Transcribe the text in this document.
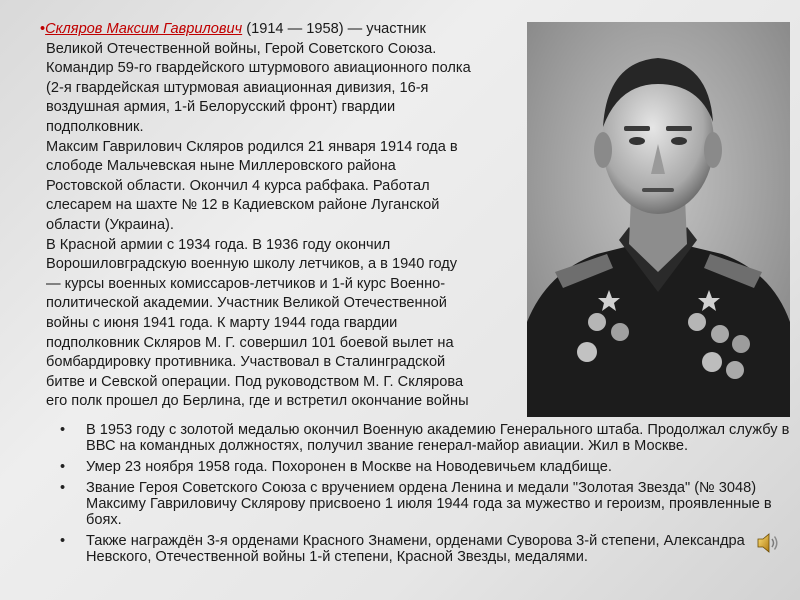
•Скляров Максим Гаврилович (1914 — 1958) — участник

Великой Отечественной войны, Герой Советского Союза.

Командир 59-го гвардейского штурмового авиационного полка

(2-я гвардейская штурмовая авиационная дивизия, 16-я

воздушная армия, 1-й Белорусский фронт) гвардии

подполковник.

Максим Гаврилович Скляров родился 21 января 1914 года в

слободе Мальчевская ныне Миллеровского района

Ростовской области. Окончил 4 курса рабфака. Работал

слесарем на шахте № 12 в Кадиевском районе Луганской

области (Украина).

В Красной армии с 1934 года. В 1936 году окончил

Ворошиловградскую военную школу летчиков, а в 1940 году

— курсы военных комиссаров-летчиков и 1-й курс Военно-

политической академии. Участник Великой Отечественной

войны с июня 1941 года. К марту 1944 года гвардии

подполковник Скляров М. Г. совершил 101 боевой вылет на

бомбардировку противника. Участвовал в Сталинградской

битве и Севской операции. Под руководством М. Г. Склярова

его полк прошел до Берлина, где и встретил окончание войны

• В 1953 году с золотой медалью окончил Военную академию Генерального штаба. Продолжал службу в ВВС на командных должностях, получил звание генерал-майор авиации. Жил в Москве.
• Умер 23 ноября 1958 года. Похоронен в Москве на Новодевичьем кладбище.
• Звание Героя Советского Союза с вручением ордена Ленина и медали "Золотая Звезда" (№ 3048) Максиму Гавриловичу Склярову присвоено 1 июля 1944 года за мужество и героизм, проявленные в боях.
• Также награждён 3-я орденами Красного Знамени, орденами Суворова 3-й степени, Александра Невского, Отечественной войны 1-й степени, Красной Звезды, медалями.
